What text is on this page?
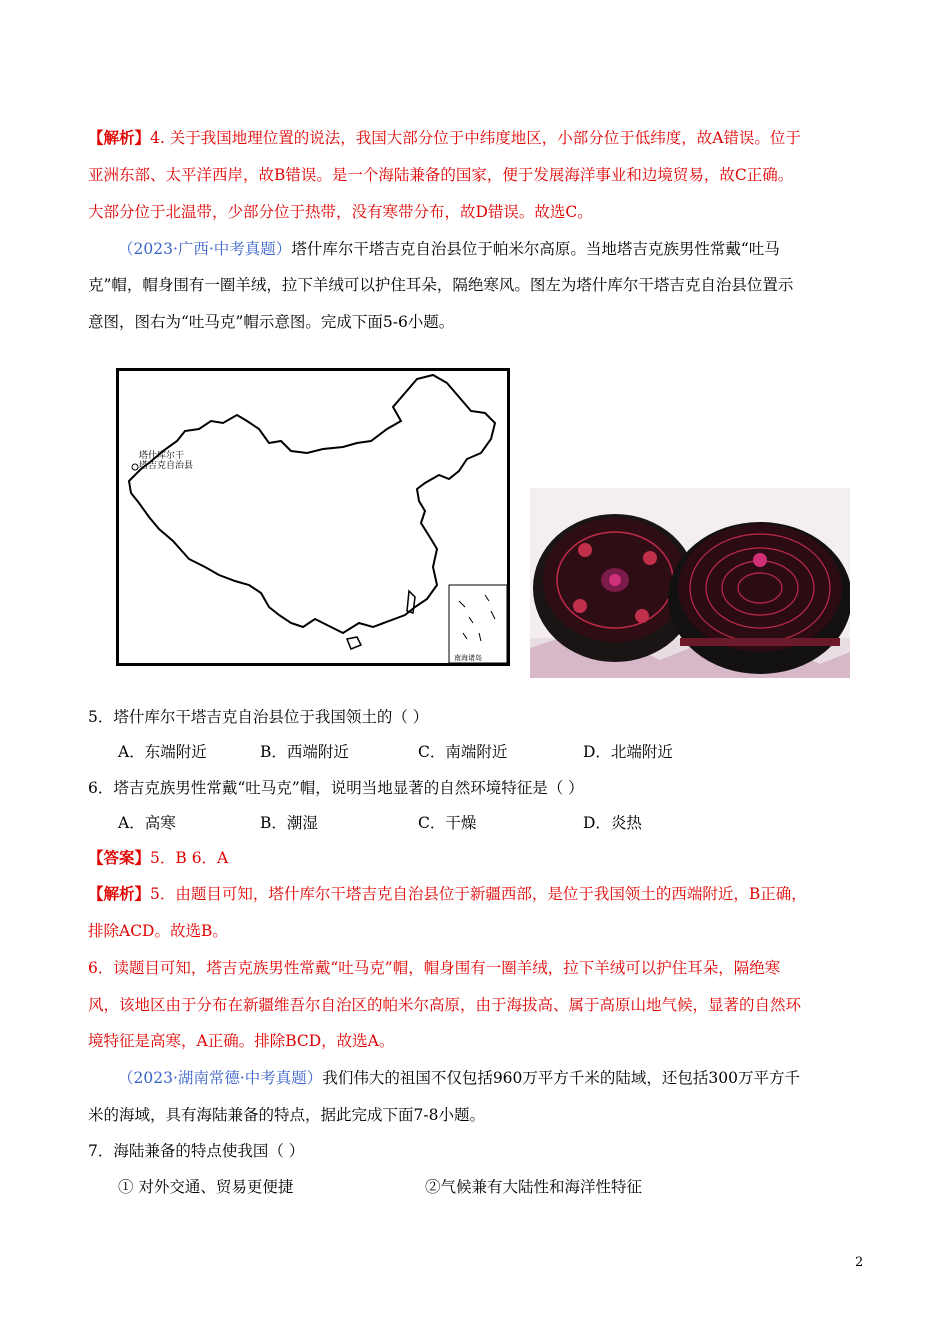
【解析】4. 关于我国地理位置的说法，我国大部分位于中纬度地区，小部分位于低纬度，故A错误。位于
亚洲东部、太平洋西岸，故B错误。是一个海陆兼备的国家，便于发展海洋事业和边境贸易，故C正确。
大部分位于北温带，少部分位于热带，没有寒带分布，故D错误。故选C。
（2023·广西·中考真题）塔什库尔干塔吉克自治县位于帕米尔高原。当地塔吉克族男性常戴“吐马
克”帽，帽身围有一圈羊绒，拉下羊绒可以护住耳朵，隔绝寒风。图左为塔什库尔干塔吉克自治县位置示
意图，图右为“吐马克”帽示意图。完成下面5-6小题。
塔什库尔干
塔吉克自治县
南海诸岛
5．塔什库尔干塔吉克自治县位于我国领土的（ ）
A．东端附近	B．西端附近	C．南端附近	D．北端附近
6．塔吉克族男性常戴“吐马克”帽，说明当地显著的自然环境特征是（ ）
A．高寒	B．潮湿	C．干燥	D．炎热
【答案】5．B 6．A
【解析】5．由题目可知，塔什库尔干塔吉克自治县位于新疆西部，是位于我国领土的西端附近，B正确，
排除ACD。故选B。
6．读题目可知，塔吉克族男性常戴“吐马克”帽，帽身围有一圈羊绒，拉下羊绒可以护住耳朵，隔绝寒
风，该地区由于分布在新疆维吾尔自治区的帕米尔高原，由于海拔高、属于高原山地气候，显著的自然环
境特征是高寒，A正确。排除BCD，故选A。
（2023·湖南常德·中考真题）我们伟大的祖国不仅包括960万平方千米的陆域，还包括300万平方千
米的海域，具有海陆兼备的特点，据此完成下面7-8小题。
7．海陆兼备的特点使我国（ ）
① 对外交通、贸易更便捷	②气候兼有大陆性和海洋性特征
2
